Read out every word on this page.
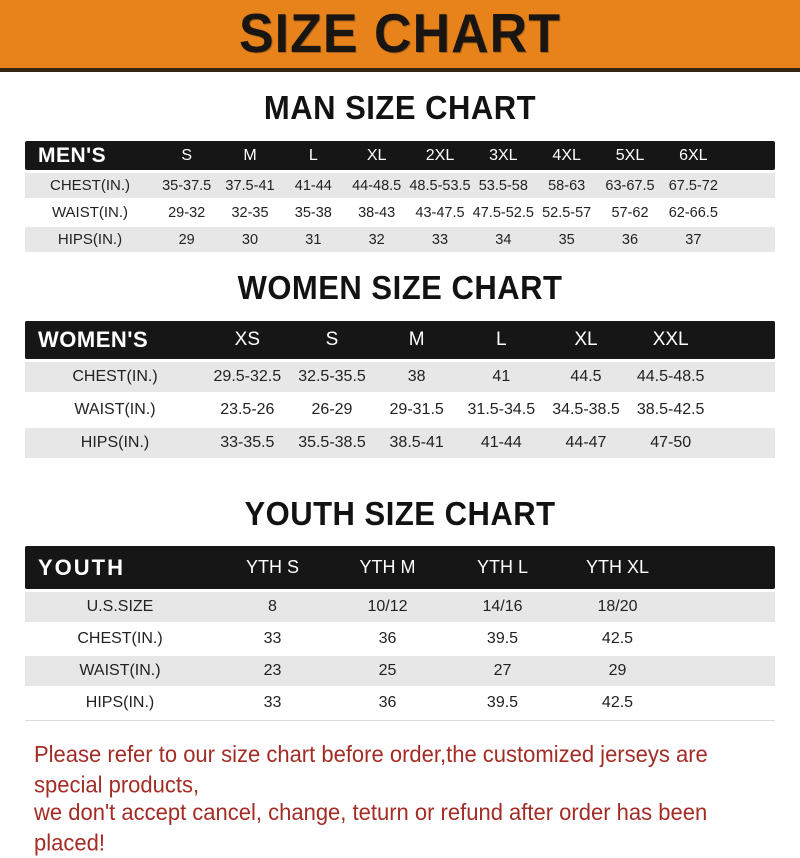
SIZE CHART
MAN SIZE CHART
MEN'S	S	M	L	XL	2XL	3XL	4XL	5XL	6XL
CHEST(IN.)	35-37.5 37.5-41	41-44	44-48.5 48.5-53.5 53.5-58	58-63	63-67.5 67.5-72
WAIST(IN.)	29-32	32-35	35-38	38-43	43-47.5 47.5-52.5 52.5-57	57-62	62-66.5
HIPS(IN.)	29	30	31	32	33	34	35	36	37
WOMEN SIZE CHART
WOMEN'S	XS	S	M	L	XL	XXL
CHEST(IN.)	29.5-32.5	32.5-35.5	38	41	44.5	44.5-48.5
WAIST(IN.)	23.5-26	26-29	29-31.5	31.5-34.5	34.5-38.5	38.5-42.5
HIPS(IN.)	33-35.5	35.5-38.5	38.5-41	41-44	44-47	47-50
YOUTH SIZE CHART
YOUTH	YTH S	YTH M	YTH L	YTH XL
U.S.SIZE	8	10/12	14/16	18/20
CHEST(IN.)	33	36	39.5	42.5
WAIST(IN.)	23	25	27	29
HIPS(IN.)	33	36	39.5	42.5

Please refer to our size chart before order,the customized jerseys are special products,

we don't accept cancel, change, teturn or refund after order has been placed!
